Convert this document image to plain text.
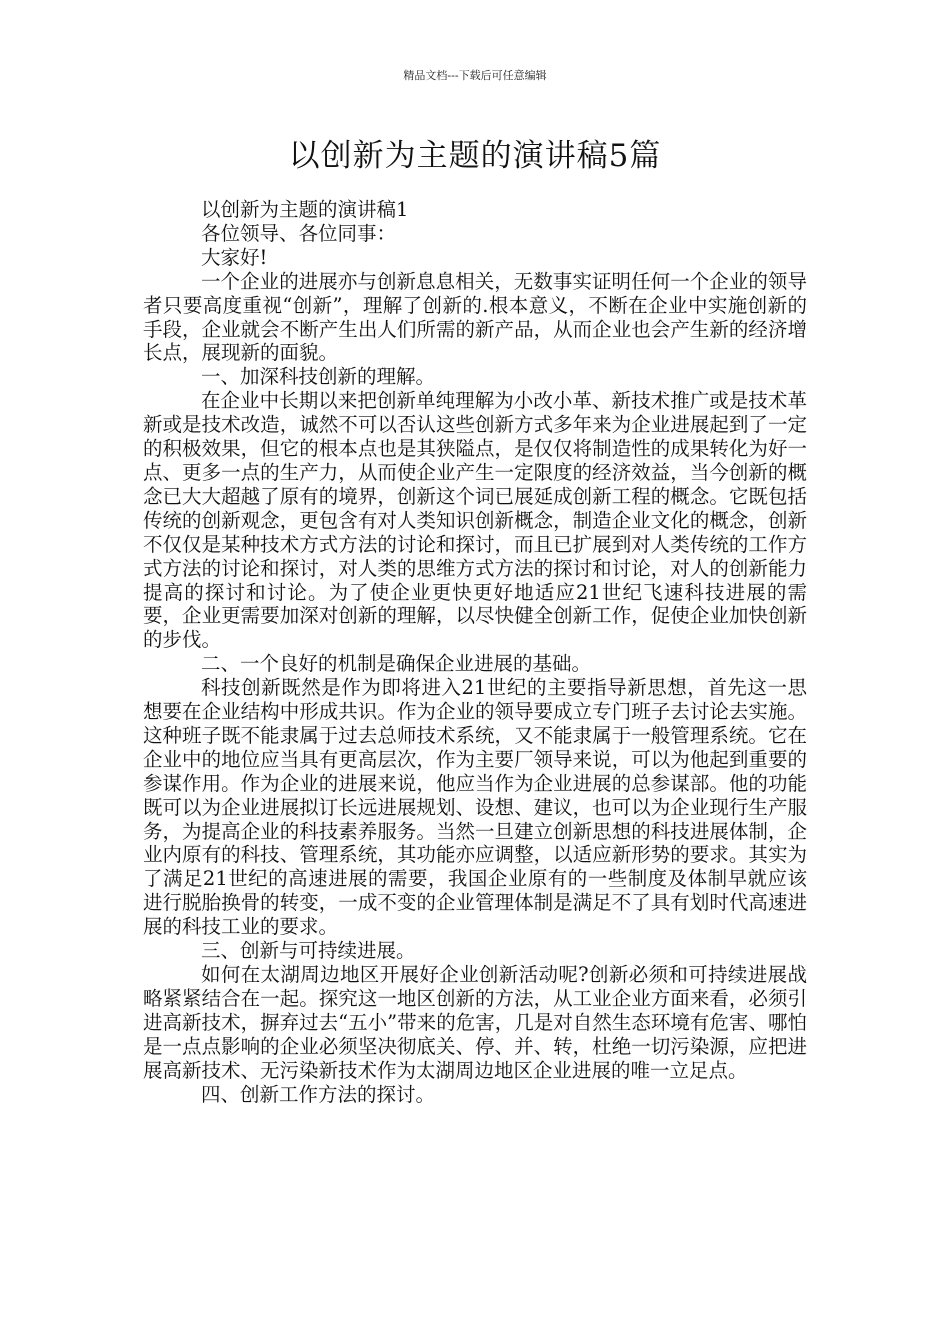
精品文档---下载后可任意编辑
以创新为主题的演讲稿5篇
以创新为主题的演讲稿1
各位领导、各位同事：
大家好!

一个企业的进展亦与创新息息相关，无数事实证明任何一个企业的领导者只要高度重视“创新”，理解了创新的.根本意义，不断在企业中实施创新的手段，企业就会不断产生出人们所需的新产品，从而企业也会产生新的经济增长点，展现新的面貌。

一、加深科技创新的理解。

在企业中长期以来把创新单纯理解为小改小革、新技术推广或是技术革新或是技术改造，诚然不可以否认这些创新方式多年来为企业进展起到了一定的积极效果，但它的根本点也是其狭隘点，是仅仅将制造性的成果转化为好一点、更多一点的生产力，从而使企业产生一定限度的经济效益，当今创新的概念已大大超越了原有的境界，创新这个词已展延成创新工程的概念。它既包括传统的创新观念，更包含有对人类知识创新概念，制造企业文化的概念，创新不仅仅是某种技术方式方法的讨论和探讨，而且已扩展到对人类传统的工作方式方法的讨论和探讨，对人类的思维方式方法的探讨和讨论，对人的创新能力提高的探讨和讨论。为了使企业更快更好地适应21世纪飞速科技进展的需要，企业更需要加深对创新的理解，以尽快健全创新工作，促使企业加快创新的步伐。

二、一个良好的机制是确保企业进展的基础。

科技创新既然是作为即将进入21世纪的主要指导新思想，首先这一思想要在企业结构中形成共识。作为企业的领导要成立专门班子去讨论去实施。这种班子既不能隶属于过去总师技术系统，又不能隶属于一般管理系统。它在企业中的地位应当具有更高层次，作为主要厂领导来说，可以为他起到重要的参谋作用。作为企业的进展来说，他应当作为企业进展的总参谋部。他的功能既可以为企业进展拟订长远进展规划、设想、建议，也可以为企业现行生产服务，为提高企业的科技素养服务。当然一旦建立创新思想的科技进展体制，企业内原有的科技、管理系统，其功能亦应调整，以适应新形势的要求。其实为了满足21世纪的高速进展的需要，我国企业原有的一些制度及体制早就应该进行脱胎换骨的转变，一成不变的企业管理体制是满足不了具有划时代高速进展的科技工业的要求。

三、创新与可持续进展。

如何在太湖周边地区开展好企业创新活动呢?创新必须和可持续进展战略紧紧结合在一起。探究这一地区创新的方法，从工业企业方面来看，必须引进高新技术，摒弃过去“五小”带来的危害，几是对自然生态环境有危害、哪怕是一点点影响的企业必须坚决彻底关、停、并、转，杜绝一切污染源，应把进展高新技术、无污染新技术作为太湖周边地区企业进展的唯一立足点。

四、创新工作方法的探讨。
